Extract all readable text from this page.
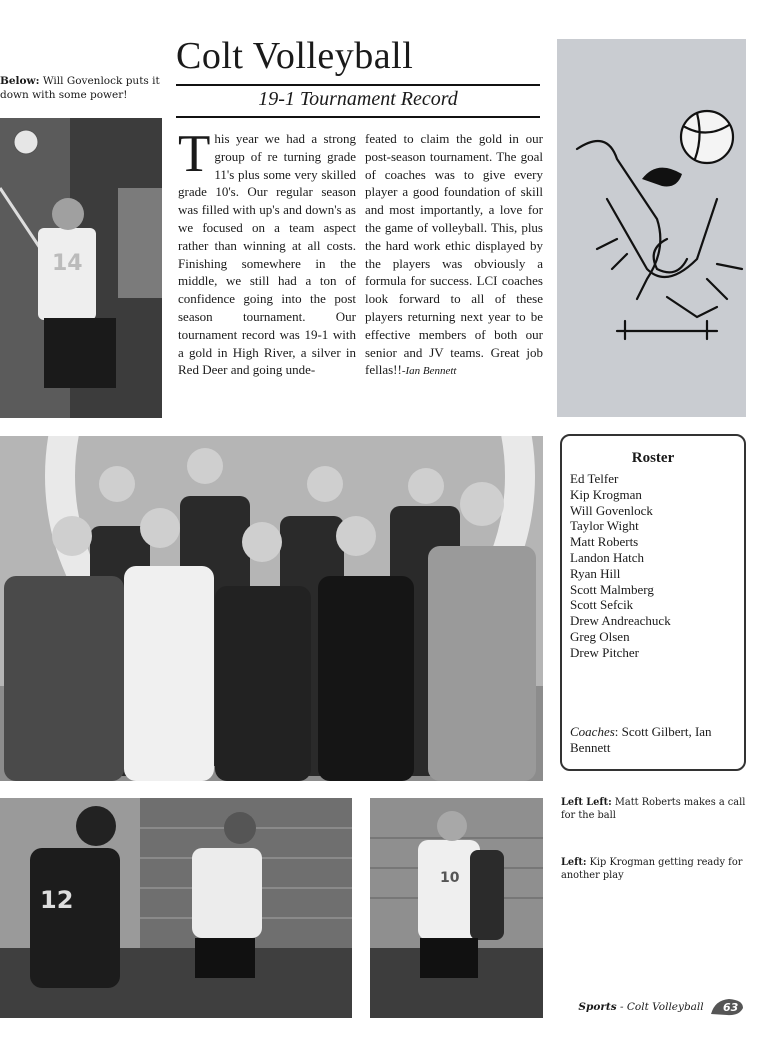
Below: Will Govenlock puts it down with some power!
Colt Volleyball
19-1 Tournament Record
This year we had a strong group of re turning grade 11's plus some very skilled grade 10's. Our regular season was filled with up's and down's as we focused on a team aspect rather than winning at all costs. Finishing somewhere in the middle, we still had a ton of confidence going into the post season tournament. Our tournament record was 19-1 with a gold in High River, a silver in Red Deer and going unde-
feated to claim the gold in our post-season tournament. The goal of coaches was to give every player a good foundation of skill and most importantly, a love for the game of volleyball. This, plus the hard work ethic displayed by the players was obviously a formula for success. LCI coaches look forward to all of these players returning next year to be effective members of both our senior and JV teams. Great job fellas!!-Ian Bennett
14
Roster
Ed Telfer
Kip Krogman
Will Govenlock
Taylor Wight
Matt Roberts
Landon Hatch
Ryan Hill
Scott Malmberg
Scott Sefcik
Drew Andreachuck
Greg Olsen
Drew Pitcher
Coaches: Scott Gilbert, Ian Bennett
12
10
Left Left: Matt Roberts makes a call for the ball
Left: Kip Krogman getting ready for another play
Sports - Colt Volleyball 63
